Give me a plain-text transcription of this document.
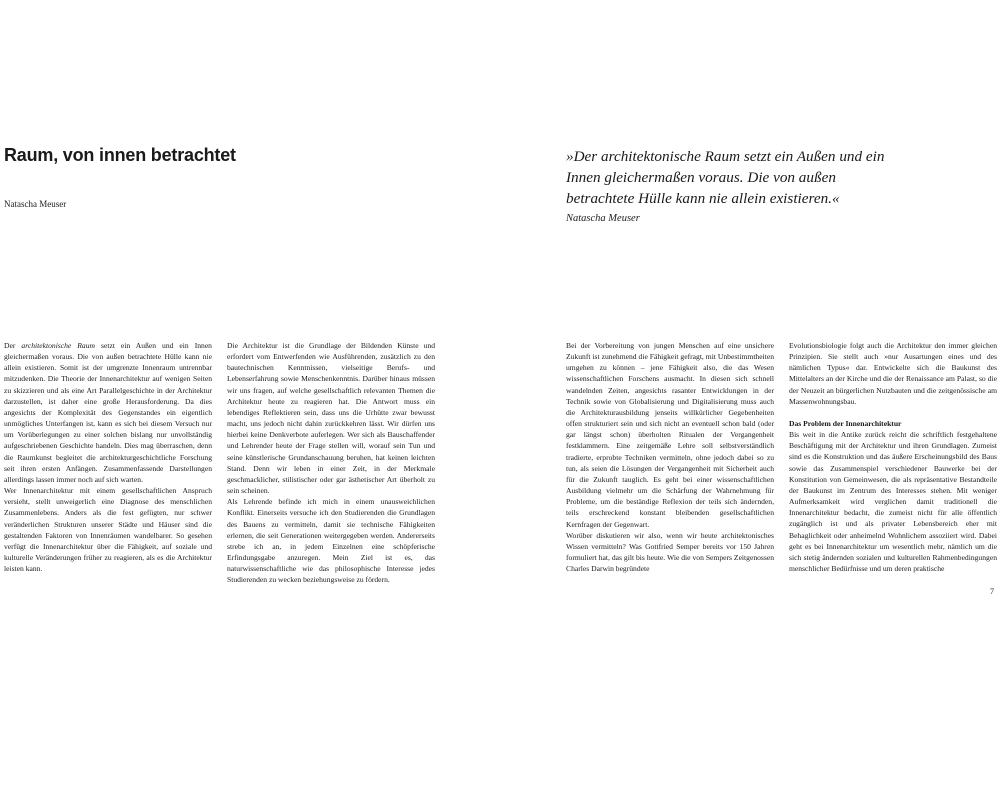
Raum, von innen betrachtet
Natascha Meuser
»Der architektonische Raum setzt ein Außen und ein Innen gleichermaßen voraus. Die von außen betrachtete Hülle kann nie allein existieren.«
Natascha Meuser

Der architektonische Raum setzt ein Außen und ein Innen gleichermaßen voraus. Die von außen betrachtete Hülle kann nie allein existieren. Somit ist der umgrenzte Innenraum untrennbar mitzudenken. Die Theorie der Innenarchitektur auf wenigen Seiten zu skizzieren und als eine Art Parallelgeschichte in der Architektur darzustellen, ist daher eine große Herausforderung. Da dies angesichts der Komplexität des Gegenstandes ein eigentlich unmögliches Unterfangen ist, kann es sich bei diesem Versuch nur um Vorüberlegungen zu einer solchen bislang nur unvollständig aufgeschriebenen Geschichte handeln. Dies mag überraschen, denn die Raumkunst begleitet die architekturgeschichtliche Forschung seit ihren ersten Anfängen. Zusammenfassende Darstellungen allerdings lassen immer noch auf sich warten.

Wer Innenarchitektur mit einem gesellschaftlichen Anspruch versieht, stellt unweigerlich eine Diagnose des menschlichen Zusammenlebens. Anders als die fest gefügten, nur schwer veränderlichen Strukturen unserer Städte und Häuser sind die gestaltenden Faktoren von Innenräumen wandelbarer. So gesehen verfügt die Innenarchitektur über die Fähigkeit, auf soziale und kulturelle Veränderungen früher zu reagieren, als es die Architektur leisten kann.

Die Architektur ist die Grundlage der Bildenden Künste und erfordert vom Entwerfenden wie Ausführenden, zusätzlich zu den bautechnischen Kenntnissen, vielseitige Berufs- und Lebenserfahrung sowie Menschenkenntnis. Darüber hinaus müssen wir uns fragen, auf welche gesellschaftlich relevanten Themen die Architektur heute zu reagieren hat. Die Antwort muss ein lebendiges Reflektieren sein, dass uns die Urhütte zwar bewusst macht, uns jedoch nicht dahin zurückkehren lässt. Wir dürfen uns hierbei keine Denkverbote auferlegen. Wer sich als Bauschaffender und Lehrender heute der Frage stellen will, worauf sein Tun und seine künstlerische Grundanschauung beruhen, hat keinen leichten Stand. Denn wir leben in einer Zeit, in der Merkmale geschmacklicher, stilistischer oder gar ästhetischer Art überholt zu sein scheinen.

Als Lehrende befinde ich mich in einem unausweichlichen Konflikt. Einerseits versuche ich den Studierenden die Grundlagen des Bauens zu vermitteln, damit sie technische Fähigkeiten erlernen, die seit Generationen weitergegeben werden. Andererseits strebe ich an, in jedem Einzelnen eine schöpferische Erfindungsgabe anzuregen. Mein Ziel ist es, das naturwissenschaftliche wie das philosophische Interesse jedes Studierenden zu wecken beziehungsweise zu fördern.

Bei der Vorbereitung von jungen Menschen auf eine unsichere Zukunft ist zunehmend die Fähigkeit gefragt, mit Unbestimmtheiten umgehen zu können – jene Fähigkeit also, die das Wesen wissenschaftlichen Forschens ausmacht. In diesen sich schnell wandelnden Zeiten, angesichts rasanter Entwicklungen in der Technik sowie von Globalisierung und Digitalisierung muss auch die Architekturausbildung jenseits willkürlicher Gegebenheiten offen strukturiert sein und sich nicht an eventuell schon bald (oder gar längst schon) überholten Ritualen der Vergangenheit festklammern. Eine zeitgemäße Lehre soll selbstverständlich tradierte, erprobte Techniken vermitteln, ohne jedoch dabei so zu tun, als seien die Lösungen der Vergangenheit mit Sicherheit auch für die Zukunft tauglich. Es geht bei einer wissenschaftlichen Ausbildung vielmehr um die Schärfung der Wahrnehmung für Probleme, um die beständige Reflexion der teils sich ändernden, teils erschreckend konstant bleibenden gesellschaftlichen Kernfragen der Gegenwart.

Worüber diskutieren wir also, wenn wir heute architektonisches Wissen vermitteln? Was Gottfried Semper bereits vor 150 Jahren formuliert hat, das gilt bis heute. Wie die von Sempers Zeitgenossen Charles Darwin begründete

Evolutionsbiologie folgt auch die Architektur den immer gleichen Prinzipien. Sie stellt auch »nur Ausartungen eines und des nämlichen Typus« dar. Entwickelte sich die Baukunst des Mittelalters an der Kirche und die der Renaissance am Palast, so die der Neuzeit an bürgerlichen Nutzbauten und die zeitgenössische am Massenwohnungsbau.

Das Problem der Innenarchitektur

Bis weit in die Antike zurück reicht die schriftlich festgehaltene Beschäftigung mit der Architektur und ihren Grundlagen. Zumeist sind es die Konstruktion und das äußere Erscheinungsbild des Baus sowie das Zusammenspiel verschiedener Bauwerke bei der Konstitution von Gemeinwesen, die als repräsentative Bestandteile der Baukunst im Zentrum des Interesses stehen. Mit weniger Aufmerksamkeit wird verglichen damit traditionell die Innenarchitektur bedacht, die zumeist nicht für alle öffentlich zugänglich ist und als privater Lebensbereich eher mit Behaglichkeit oder anheimelnd Wohnlichem assoziiert wird. Dabei geht es bei Innenarchitektur um wesentlich mehr, nämlich um die sich stetig ändernden sozialen und kulturellen Rahmenbedingungen menschlicher Bedürfnisse und um deren praktische

7
